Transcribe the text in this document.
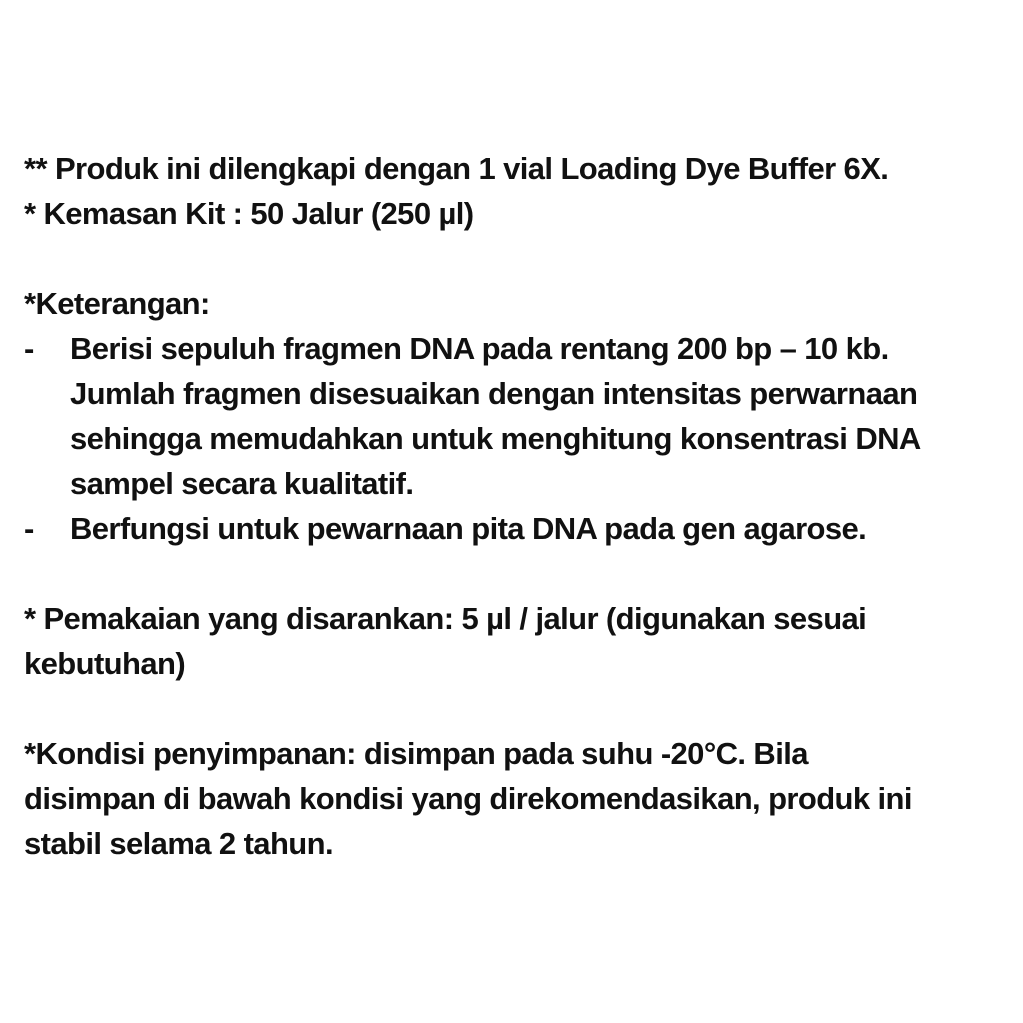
** Produk ini dilengkapi dengan 1 vial Loading Dye Buffer 6X.
* Kemasan Kit : 50 Jalur (250 µl)
*Keterangan:
-	Berisi sepuluh fragmen DNA pada rentang 200 bp – 10 kb.
Jumlah fragmen disesuaikan dengan intensitas perwarnaan
sehingga memudahkan untuk menghitung konsentrasi DNA
sampel secara kualitatif.
-	Berfungsi untuk pewarnaan pita DNA pada gen agarose.
* Pemakaian yang disarankan: 5 µl / jalur (digunakan sesuai
kebutuhan)
*Kondisi penyimpanan: disimpan pada suhu -20°C. Bila
disimpan di bawah kondisi yang direkomendasikan, produk ini
stabil selama 2 tahun.
